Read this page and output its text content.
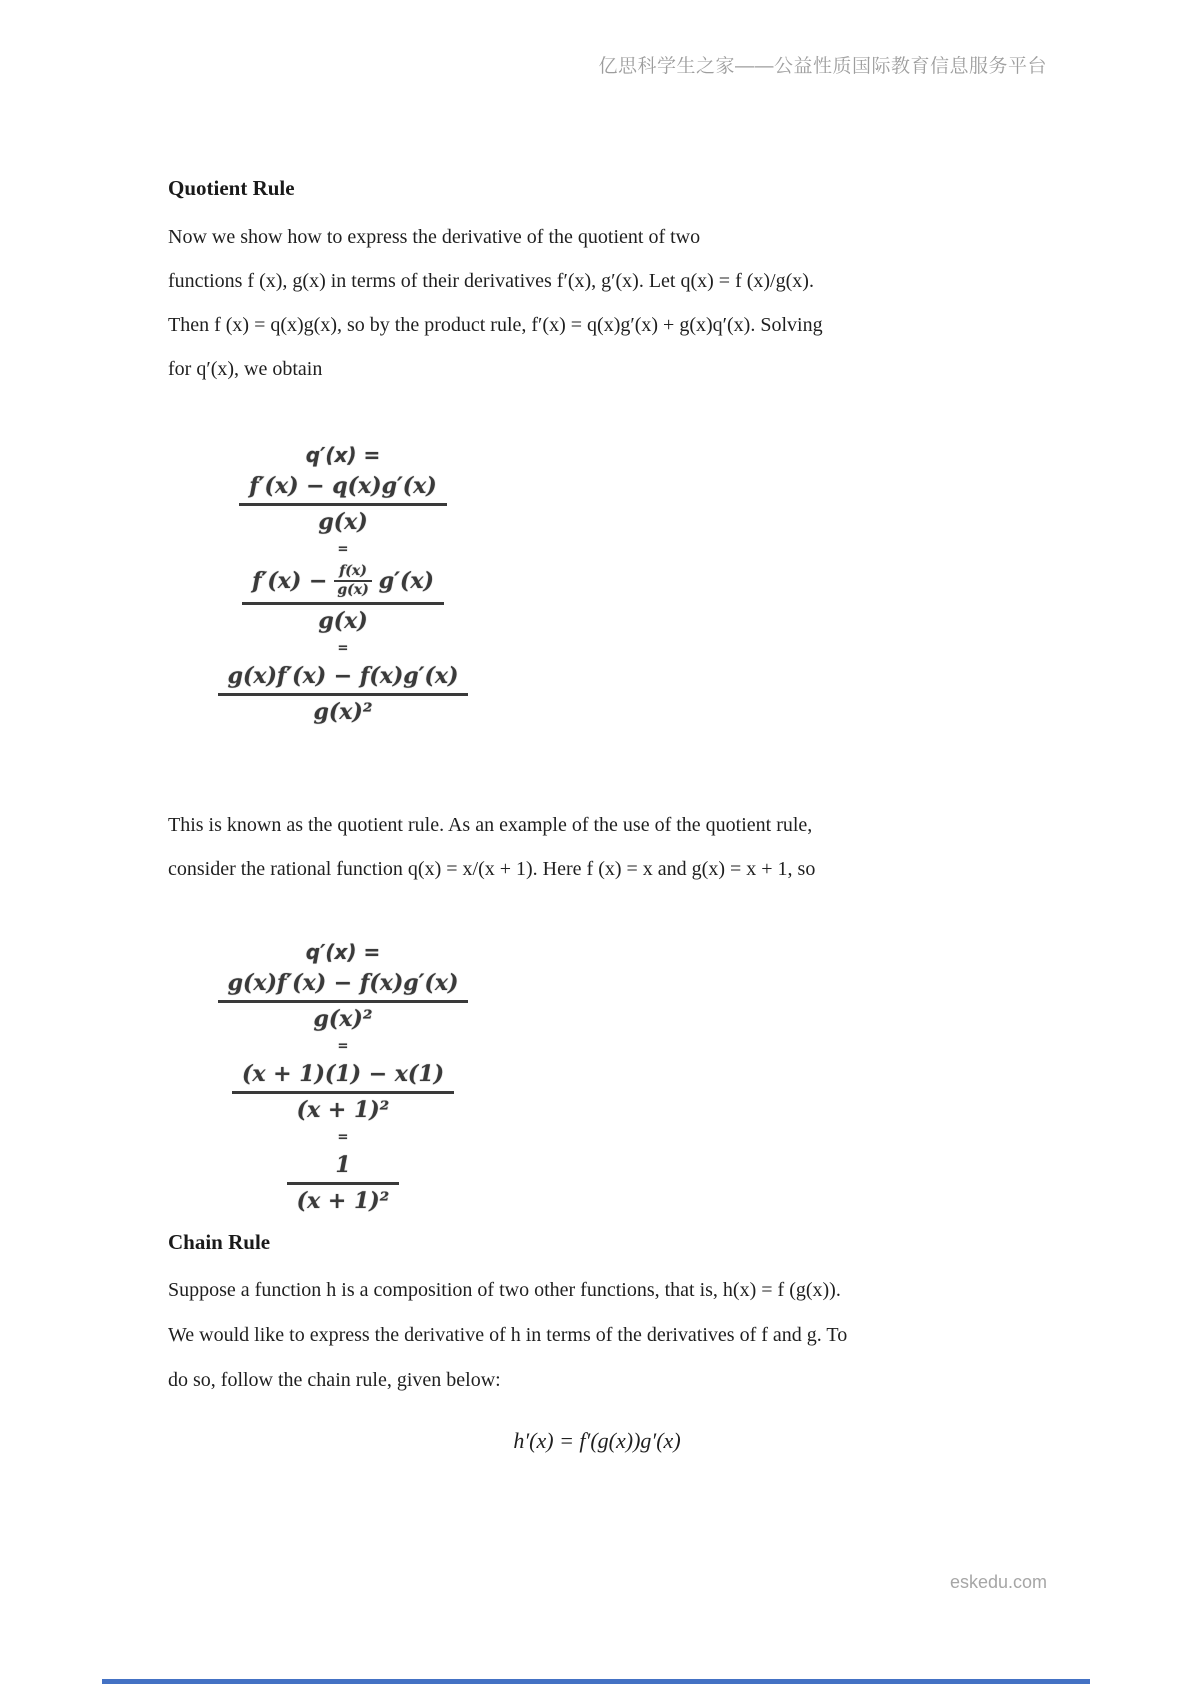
亿思科学生之家——公益性质国际教育信息服务平台
Quotient Rule
Now we show how to express the derivative of the quotient of two
functions f (x), g(x) in terms of their derivatives f′(x), g′(x). Let q(x) = f (x)/g(x).
Then f (x) = q(x)g(x), so by the product rule, f′(x) = q(x)g′(x) + g(x)q′(x). Solving
for q′(x), we obtain
q′(x) =
$\frac{f'(x) - q(x)g'(x)}{g(x)}$
=
$f'(x) - \frac{f(x)}{g(x)} g'(x)$
g(x)
=
$\frac{g(x)f'(x) - f(x)g'(x)}{\text{g(x)²}}$
This is known as the quotient rule. As an example of the use of the quotient rule,
consider the rational function q(x) = x/(x + 1). Here f (x) = x and g(x) = x + 1, so
q′(x) =
$\frac{g(x)f'(x) - f(x)g'(x)}{\text{g(x)²}}$
=
$\frac{(x + 1)(1) - x(1)}{\text{(x + 1)²}}$
=
$\frac{1}{\text{(x + 1)²}}$
Chain Rule
Suppose a function h is a composition of two other functions, that is, h(x) = f (g(x)).
We would like to express the derivative of h in terms of the derivatives of f and g. To
do so, follow the chain rule, given below:
h′(x) = f′(g(x))g′(x)
eskedu.com
